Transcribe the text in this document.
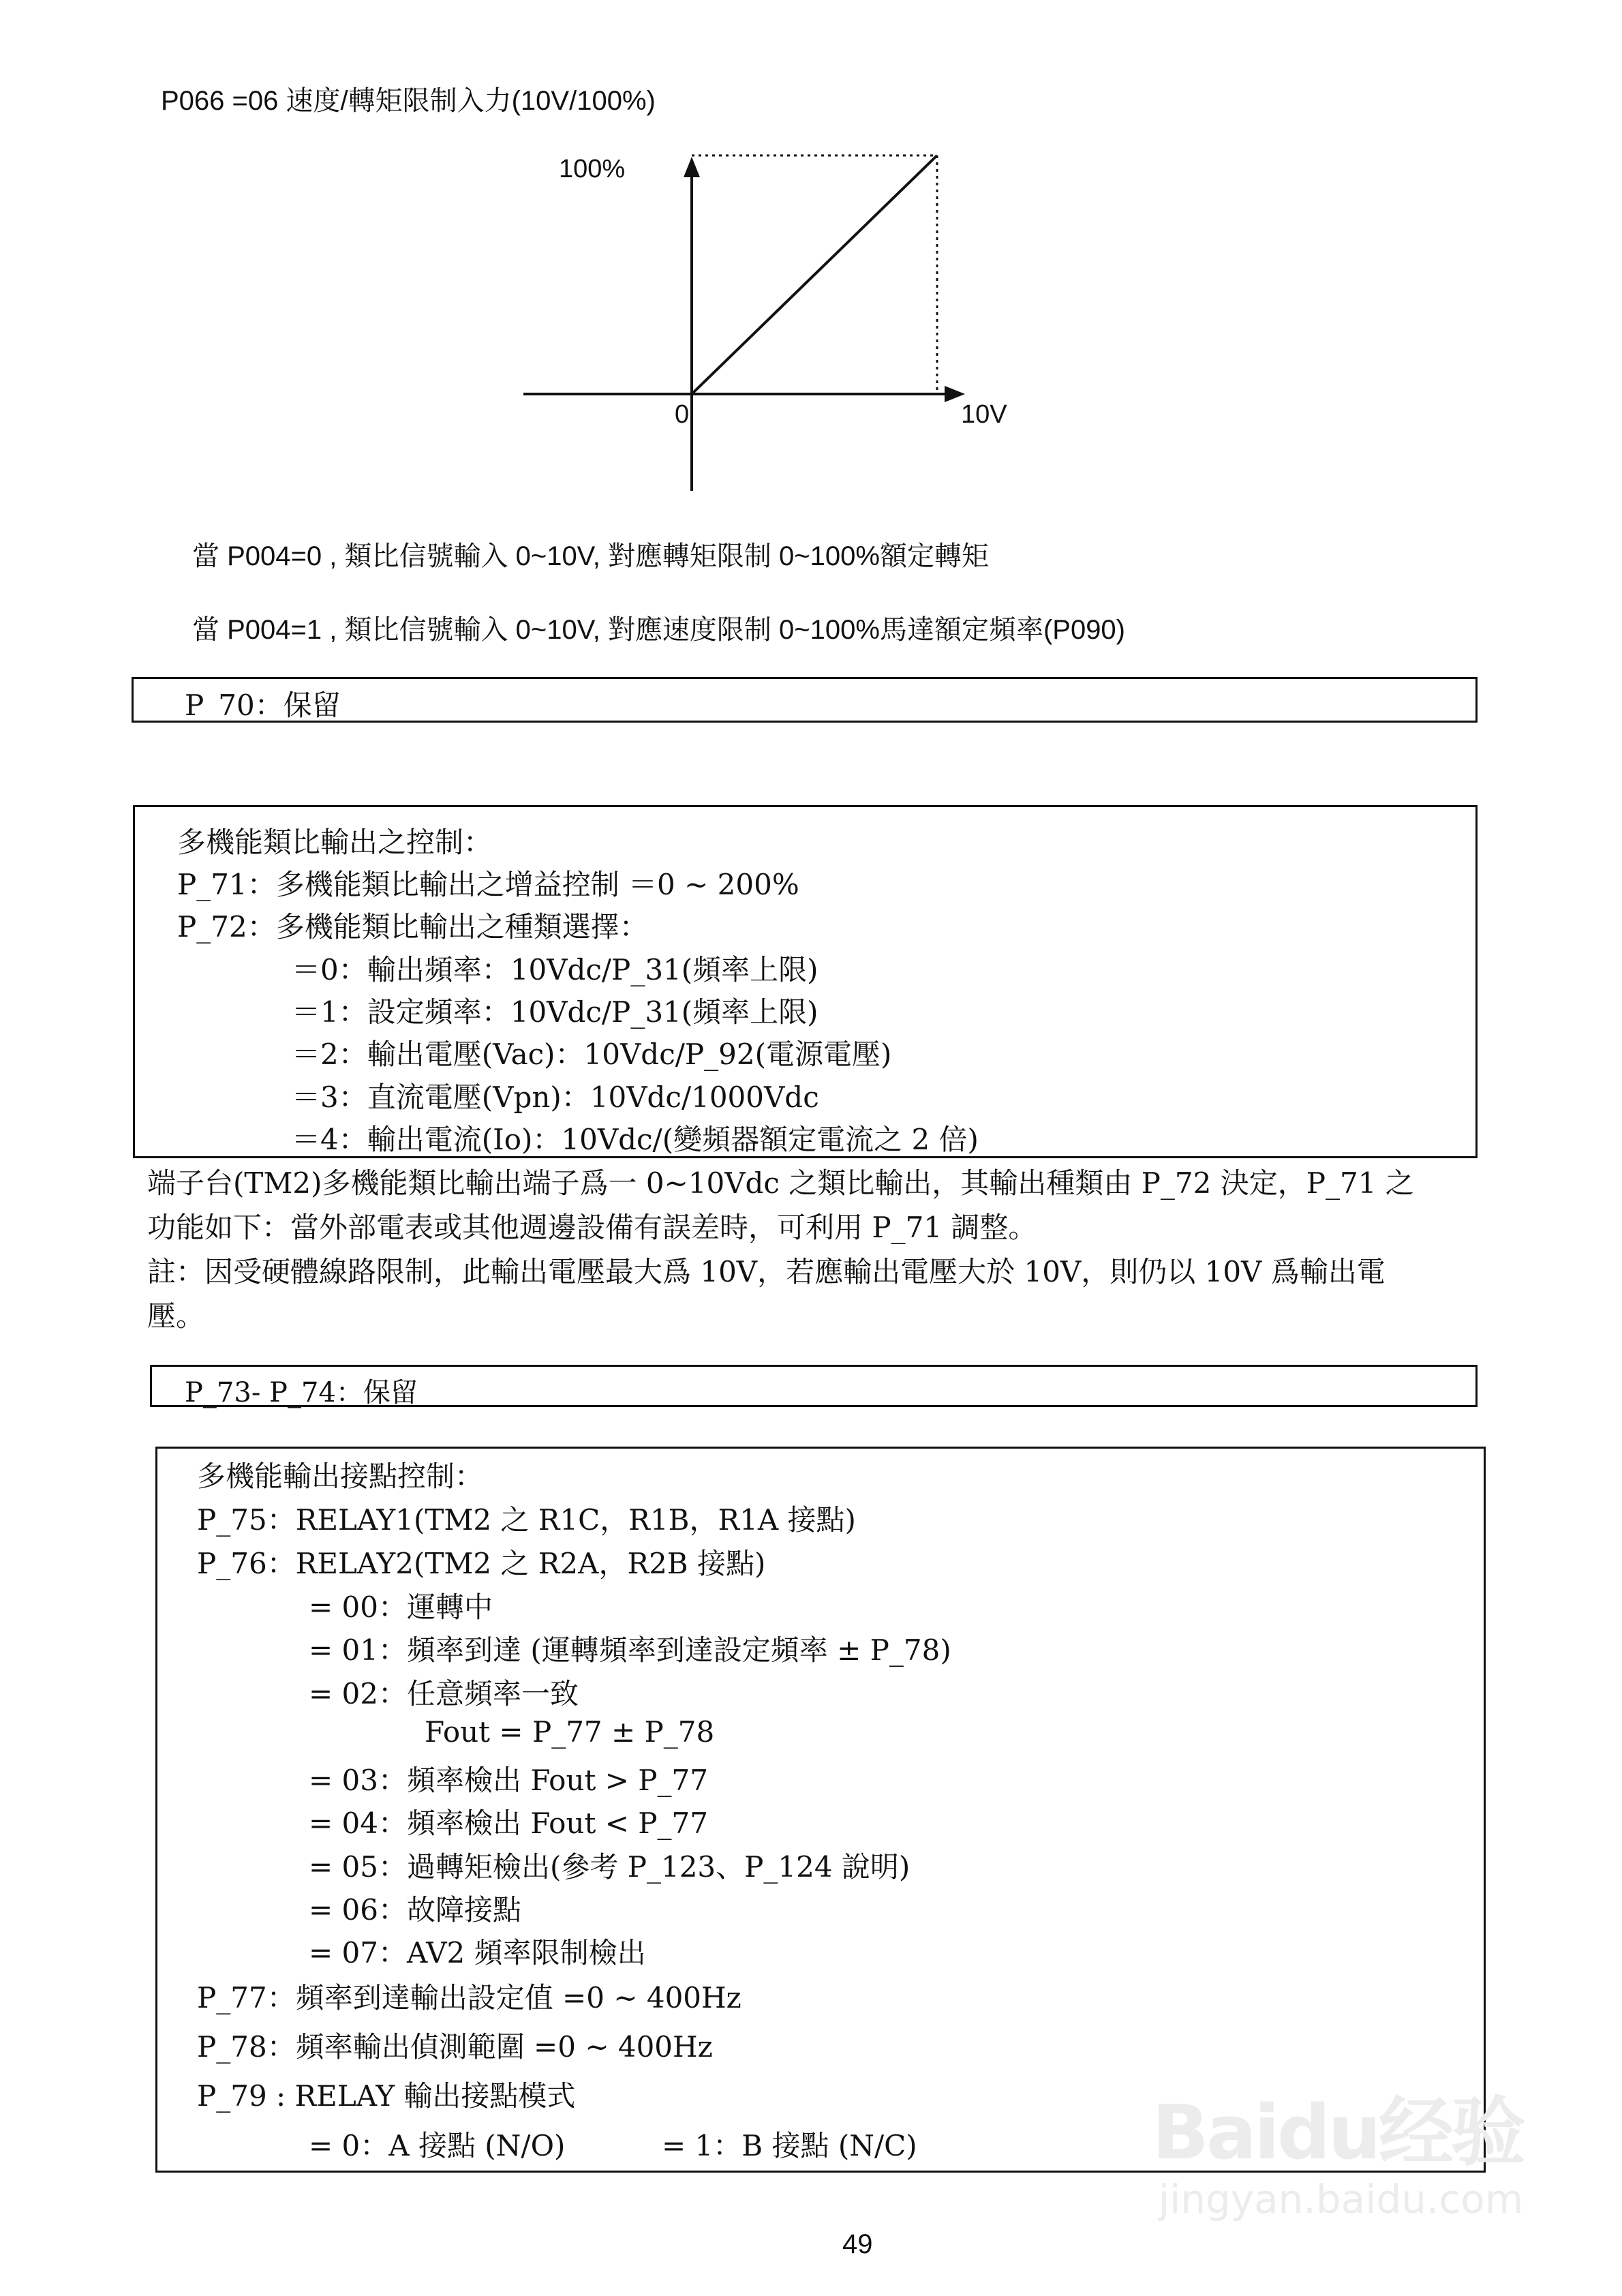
P066 =06 速度/轉矩限制入力(10V/100%)
100%
0	10V
當 P004=0 , 類比信號輸入 0~10V, 對應轉矩限制 0~100%額定轉矩
當 P004=1 , 類比信號輸入 0~10V, 對應速度限制 0~100%馬達額定頻率(P090)
P_70：保留
多機能類比輸出之控制：
P_71：多機能類比輸出之增益控制 ＝0 ~ 200%
P_72：多機能類比輸出之種類選擇：
＝0：輸出頻率：10Vdc/P_31(頻率上限)
＝1：設定頻率：10Vdc/P_31(頻率上限)
＝2：輸出電壓(Vac)：10Vdc/P_92(電源電壓)
＝3：直流電壓(Vpn)：10Vdc/1000Vdc
＝4：輸出電流(Io)：10Vdc/(變頻器額定電流之 2 倍)
端子台(TM2)多機能類比輸出端子爲一 0~10Vdc 之類比輸出，其輸出種類由 P_72 決定，P_71 之
功能如下：當外部電表或其他週邊設備有誤差時，可利用 P_71 調整。
註：因受硬體線路限制，此輸出電壓最大爲 10V，若應輸出電壓大於 10V，則仍以 10V 爲輸出電
壓。
P_73- P_74：保留
多機能輸出接點控制：
P_75：RELAY1(TM2 之 R1C，R1B，R1A 接點)
P_76：RELAY2(TM2 之 R2A，R2B 接點)
= 00：運轉中
= 01：頻率到達 (運轉頻率到達設定頻率 ± P_78)
= 02：任意頻率一致
Fout = P_77 ± P_78
= 03：頻率檢出 Fout > P_77
= 04：頻率檢出 Fout < P_77
= 05：過轉矩檢出(參考 P_123、P_124 說明)
= 06：故障接點
= 07：AV2 頻率限制檢出
P_77：頻率到達輸出設定值 =0 ~ 400Hz
P_78：頻率輸出偵測範圍 =0 ~ 400Hz
P_79 : RELAY 輸出接點模式
= 0：A 接點 (N/O)	= 1：B 接點 (N/C)	Baidu经验
jingyan.baidu.com
49
